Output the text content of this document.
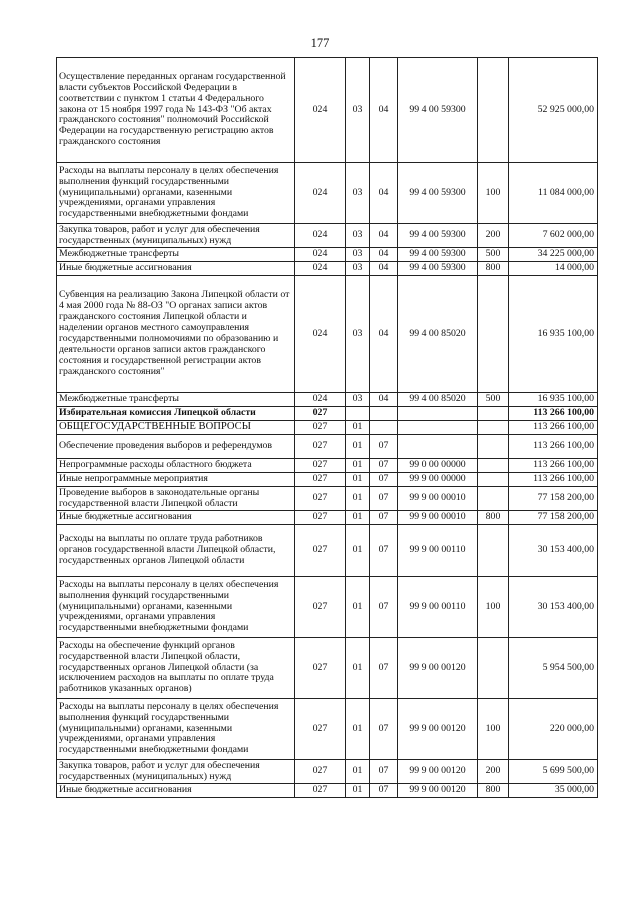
177
Осуществление переданных органам государственной власти субъектов Российской Федерации в соответствии с пунктом 1 статьи 4 Федерального закона от 15 ноября 1997 года № 143-ФЗ "Об актах гражданского состояния" полномочий Российской Федерации на государственную регистрацию актов гражданского состояния	024	03	04	99 4 00 59300		52 925 000,00
Расходы на выплаты персоналу в целях обеспечения выполнения функций государственными (муниципальными) органами, казенными учреждениями, органами управления государственными внебюджетными фондами	024	03	04	99 4 00 59300	100	11 084 000,00
Закупка товаров, работ и услуг для обеспечения государственных (муниципальных) нужд	024	03	04	99 4 00 59300	200	7 602 000,00
Межбюджетные трансферты	024	03	04	99 4 00 59300	500	34 225 000,00
Иные бюджетные ассигнования	024	03	04	99 4 00 59300	800	14 000,00
Субвенция на реализацию Закона Липецкой области от 4 мая 2000 года № 88-ОЗ "О органах записи актов гражданского состояния Липецкой области и наделении органов местного самоуправления государственными полномочиями по образованию и деятельности органов записи актов гражданского состояния и государственной регистрации актов гражданского состояния"	024	03	04	99 4 00 85020		16 935 100,00
Межбюджетные трансферты	024	03	04	99 4 00 85020	500	16 935 100,00
Избирательная комиссия Липецкой области	027					113 266 100,00
ОБЩЕГОСУДАРСТВЕННЫЕ ВОПРОСЫ	027	01				113 266 100,00
Обеспечение проведения выборов и референдумов	027	01	07			113 266 100,00
Непрограммные расходы областного бюджета	027	01	07	99 0 00 00000		113 266 100,00
Иные непрограммные мероприятия	027	01	07	99 9 00 00000		113 266 100,00
Проведение выборов в законодательные органы государственной власти Липецкой области	027	01	07	99 9 00 00010		77 158 200,00
Иные бюджетные ассигнования	027	01	07	99 9 00 00010	800	77 158 200,00
Расходы на выплаты по оплате труда работников органов государственной власти Липецкой области, государственных органов Липецкой области	027	01	07	99 9 00 00110		30 153 400,00
Расходы на выплаты персоналу в целях обеспечения выполнения функций государственными (муниципальными) органами, казенными учреждениями, органами управления государственными внебюджетными фондами	027	01	07	99 9 00 00110	100	30 153 400,00
Расходы на обеспечение функций органов государственной власти Липецкой области, государственных органов Липецкой области (за исключением расходов на выплаты по оплате труда работников указанных органов)	027	01	07	99 9 00 00120		5 954 500,00
Расходы на выплаты персоналу в целях обеспечения выполнения функций государственными (муниципальными) органами, казенными учреждениями, органами управления государственными внебюджетными фондами	027	01	07	99 9 00 00120	100	220 000,00
Закупка товаров, работ и услуг для обеспечения государственных (муниципальных) нужд	027	01	07	99 9 00 00120	200	5 699 500,00
Иные бюджетные ассигнования	027	01	07	99 9 00 00120	800	35 000,00
